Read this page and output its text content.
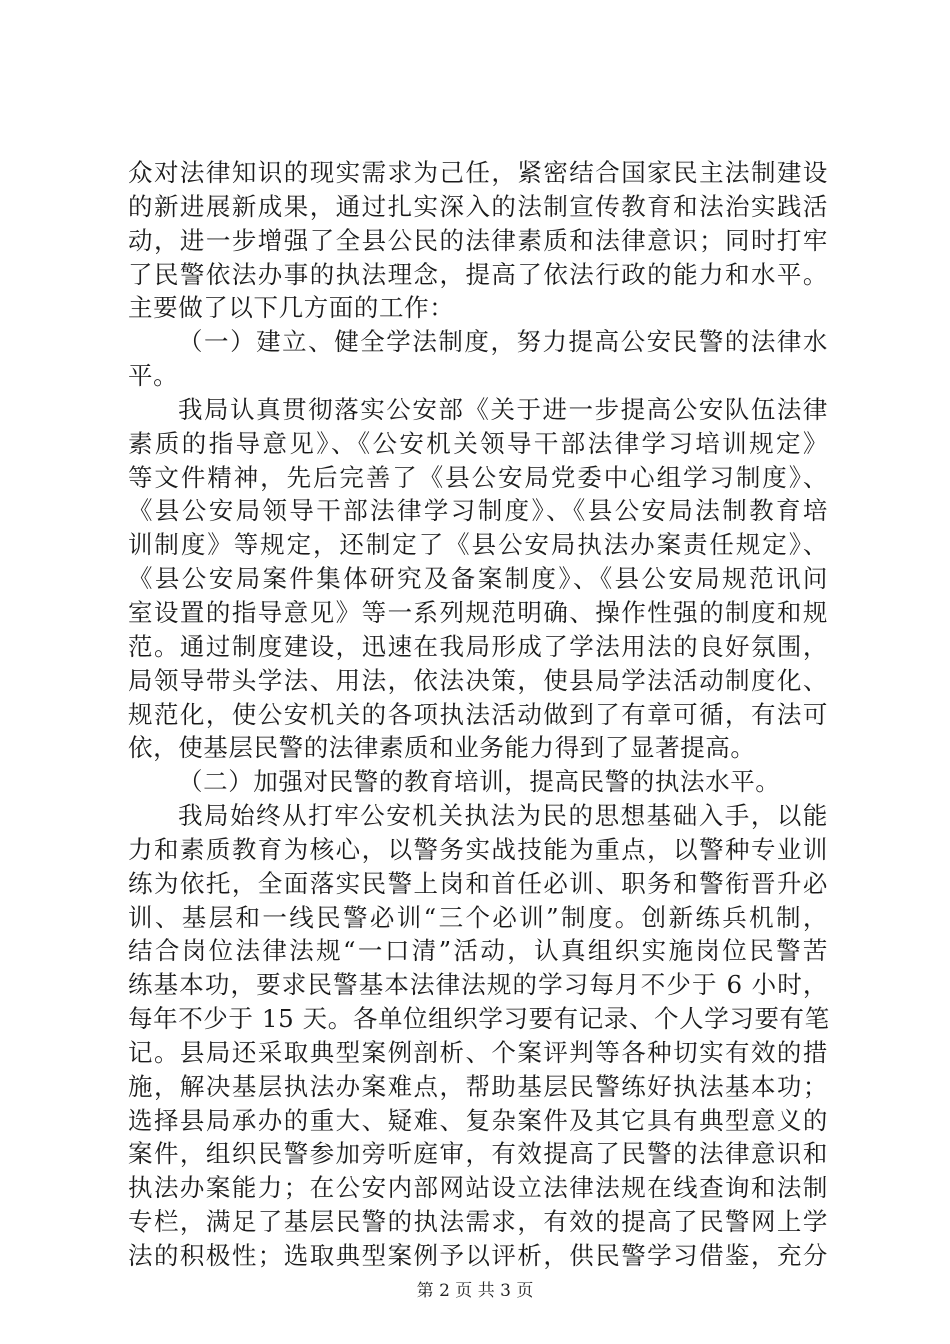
众对法律知识的现实需求为己任，紧密结合国家民主法制建设
的新进展新成果，通过扎实深入的法制宣传教育和法治实践活
动，进一步增强了全县公民的法律素质和法律意识；同时打牢
了民警依法办事的执法理念，提高了依法行政的能力和水平。
主要做了以下几方面的工作：
（一）建立、健全学法制度，努力提高公安民警的法律水
平。
我局认真贯彻落实公安部《关于进一步提高公安队伍法律
素质的指导意见》、《公安机关领导干部法律学习培训规定》
等文件精神，先后完善了《县公安局党委中心组学习制度》、
《县公安局领导干部法律学习制度》、《县公安局法制教育培
训制度》等规定，还制定了《县公安局执法办案责任规定》、
《县公安局案件集体研究及备案制度》、《县公安局规范讯问
室设置的指导意见》等一系列规范明确、操作性强的制度和规
范。通过制度建设，迅速在我局形成了学法用法的良好氛围，
局领导带头学法、用法，依法决策，使县局学法活动制度化、
规范化，使公安机关的各项执法活动做到了有章可循，有法可
依，使基层民警的法律素质和业务能力得到了显著提高。
（二）加强对民警的教育培训，提高民警的执法水平。
我局始终从打牢公安机关执法为民的思想基础入手，以能
力和素质教育为核心，以警务实战技能为重点，以警种专业训
练为依托，全面落实民警上岗和首任必训、职务和警衔晋升必
训、基层和一线民警必训“三个必训”制度。创新练兵机制，
结合岗位法律法规“一口清”活动，认真组织实施岗位民警苦
练基本功，要求民警基本法律法规的学习每月不少于 6 小时，
每年不少于 15 天。各单位组织学习要有记录、个人学习要有笔
记。县局还采取典型案例剖析、个案评判等各种切实有效的措
施，解决基层执法办案难点，帮助基层民警练好执法基本功；
选择县局承办的重大、疑难、复杂案件及其它具有典型意义的
案件，组织民警参加旁听庭审，有效提高了民警的法律意识和
执法办案能力；在公安内部网站设立法律法规在线查询和法制
专栏，满足了基层民警的执法需求，有效的提高了民警网上学
法的积极性；选取典型案例予以评析，供民警学习借鉴，充分
第 2 页 共 3 页
